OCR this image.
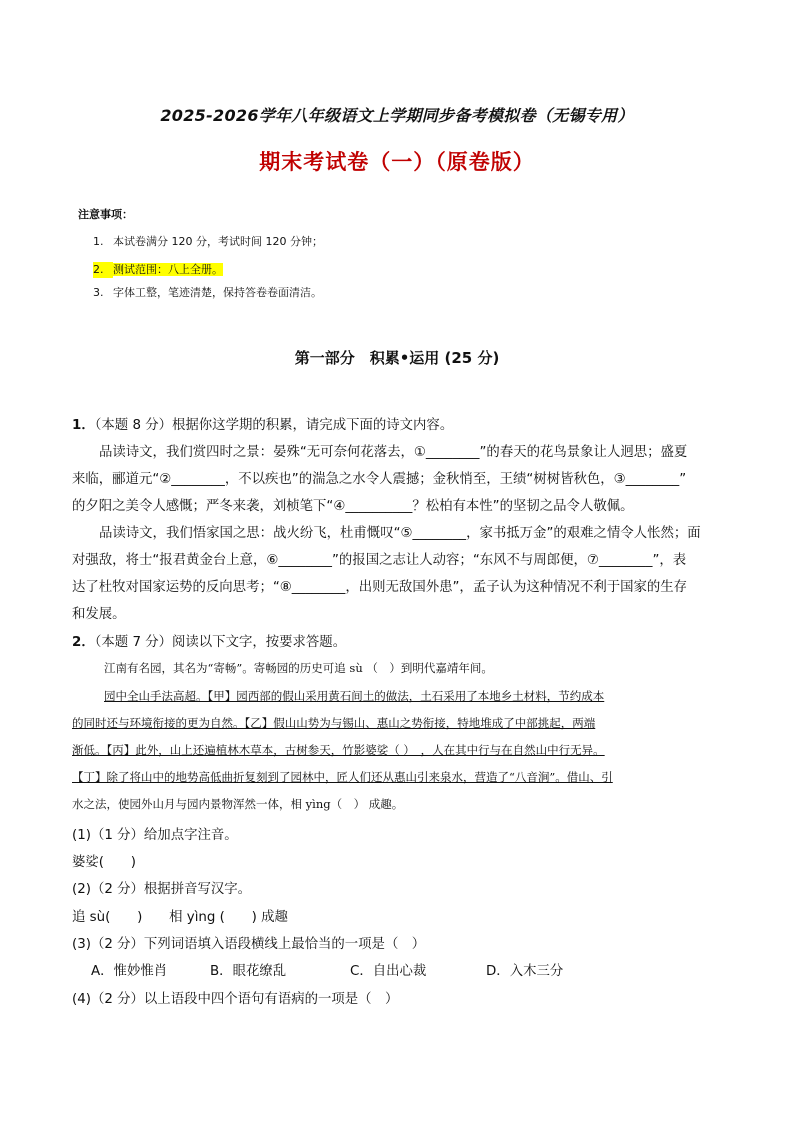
2025-2026学年八年级语文上学期同步备考模拟卷（无锡专用）
期末考试卷（一）（原卷版）
注意事项：
1. 本试卷满分 120 分，考试时间 120 分钟；
2. 测试范围：八上全册。
3. 字体工整，笔迹清楚，保持答卷卷面清洁。
第一部分　积累•运用 (25 分)
1．（本题 8 分）根据你这学期的积累，请完成下面的诗文内容。
品读诗文，我们赏四时之景：晏殊“无可奈何花落去，①________”的春天的花鸟景象让人迥思；盛夏
来临，郦道元“②________，不以疾也”的湍急之水令人震撼；金秋悄至，王绩“树树皆秋色，③________”
的夕阳之美令人感慨；严冬来袭，刘桢笔下“④__________？松柏有本性”的坚韧之品令人敬佩。
品读诗文，我们悟家国之思：战火纷飞，杜甫慨叹“⑤________，家书抵万金”的艰难之情令人怅然；面
对强敌，将士“报君黄金台上意，⑥________”的报国之志让人动容；“东风不与周郎便，⑦________”，表
达了杜牧对国家运势的反向思考；“⑧________，出则无敌国外患”，孟子认为这种情况不利于国家的生存
和发展。
2．（本题 7 分）阅读以下文字，按要求答题。
江南有名园，其名为“寄畅”。寄畅园的历史可追 sù （　）到明代嘉靖年间。
园中全山手法高超。【甲】园西部的假山采用黄石间土的做法，土石采用了本地乡土材料，节约成本
的同时还与环境衔接的更为自然。【乙】假山山势为与锡山、惠山之势衔接，特地堆成了中部挑起，两端
渐低。【丙】此外，山上还遍植林木草本，古树参天，竹影婆娑（ ）　，人在其中行与在自然山中行无异。
【丁】除了将山中的地势高低曲折复刻到了园林中，匠人们还从惠山引来泉水，营造了“八音涧”。借山、引
水之法，使园外山月与园内景物浑然一体，相 yìng（　） 成趣。
(1)（1 分）给加点字注音。
婆娑(　　)
(2)（2 分）根据拼音写汉字。
追 sù(　　)　　相 yìng (　　) 成趣
(3)（2 分）下列词语填入语段横线上最恰当的一项是（　）
A．惟妙惟肖	B．眼花缭乱	C．自出心裁	D．入木三分
(4)（2 分）以上语段中四个语句有语病的一项是（　）
